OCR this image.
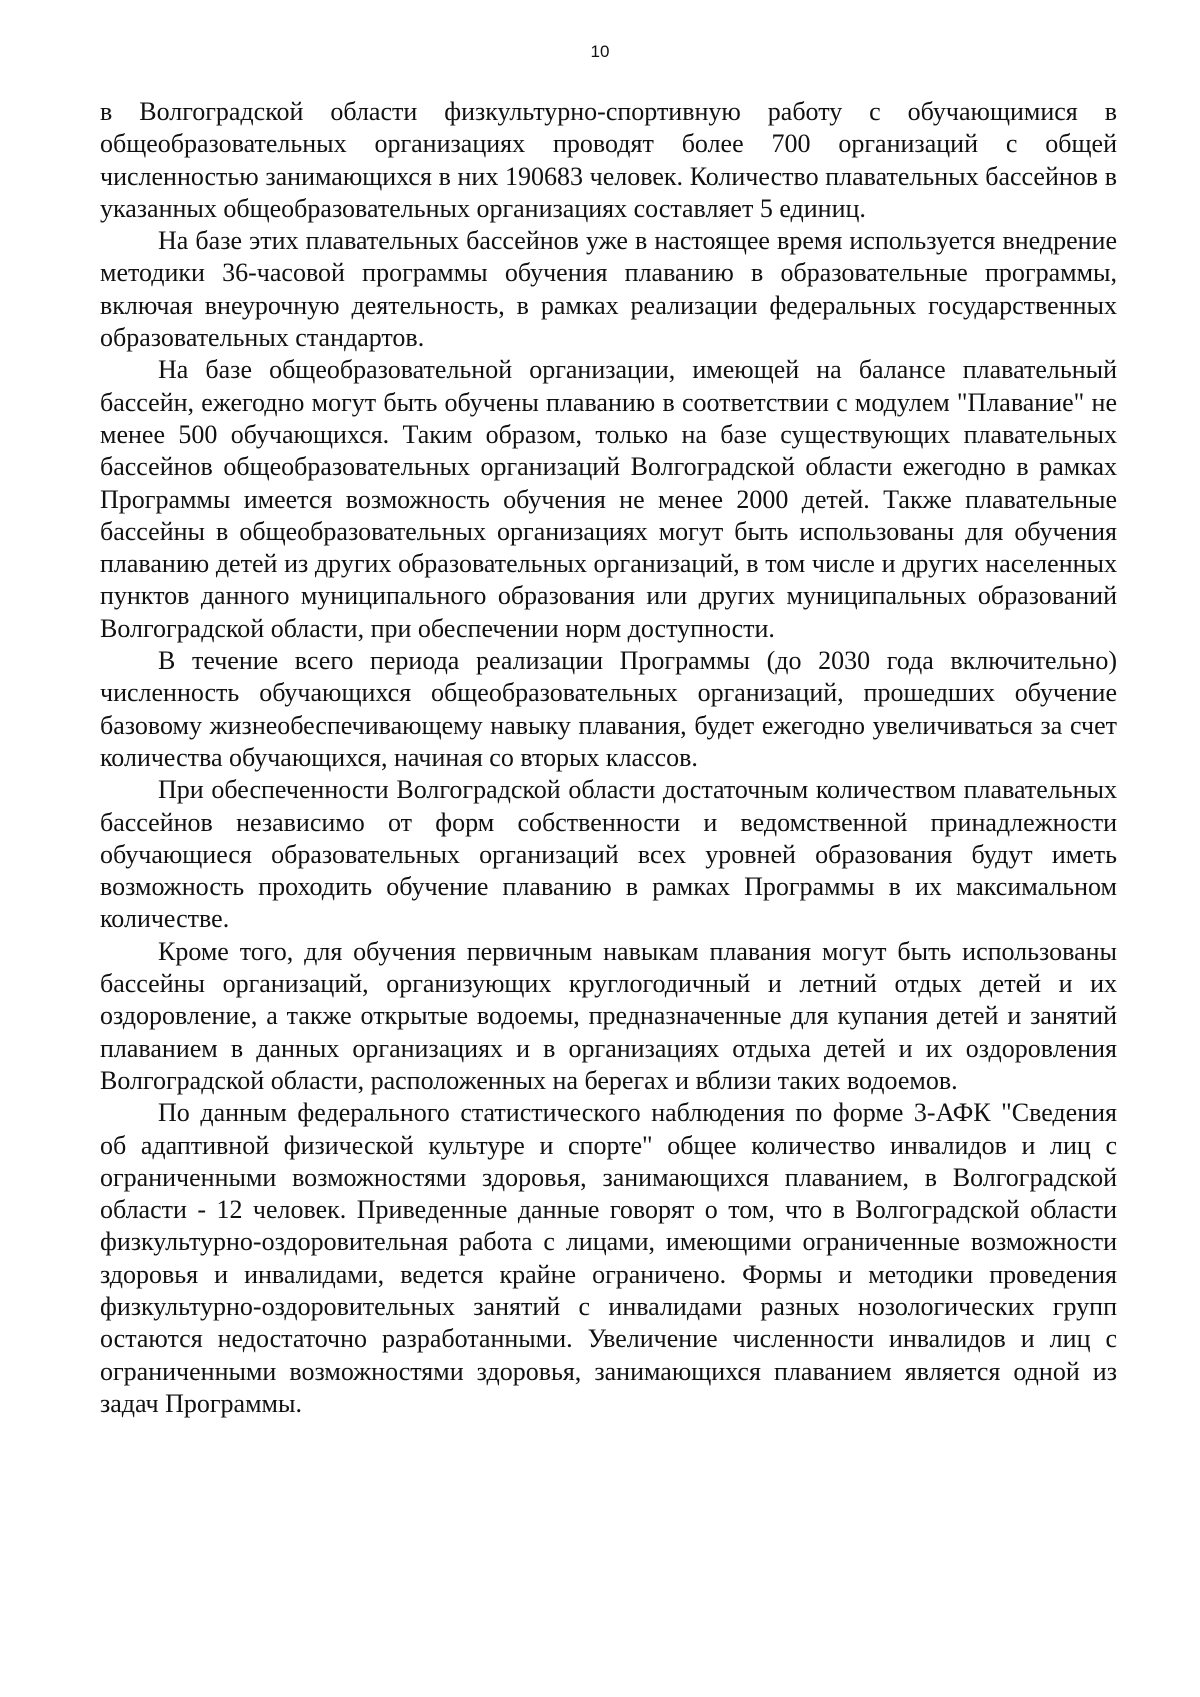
10

в Волгоградской области физкультурно-спортивную работу с обучающимися в общеобразовательных организациях проводят более 700 организаций с общей численностью занимающихся в них 190683 человек. Количество плавательных бассейнов в указанных общеобразовательных организациях составляет 5 единиц.

На базе этих плавательных бассейнов уже в настоящее время используется внедрение методики 36-часовой программы обучения плаванию в образовательные программы, включая внеурочную деятельность, в рамках реализации федеральных государственных образовательных стандартов.

На базе общеобразовательной организации, имеющей на балансе плавательный бассейн, ежегодно могут быть обучены плаванию в соответствии с модулем "Плавание" не менее 500 обучающихся. Таким образом, только на базе существующих плавательных бассейнов общеобразовательных организаций Волгоградской области ежегодно в рамках Программы имеется возможность обучения не менее 2000 детей. Также плавательные бассейны в общеобразовательных организациях могут быть использованы для обучения плаванию детей из других образовательных организаций, в том числе и других населенных пунктов данного муниципального образования или других муниципальных образований Волгоградской области, при обеспечении норм доступности.

В течение всего периода реализации Программы (до 2030 года включительно) численность обучающихся общеобразовательных организаций, прошедших обучение базовому жизнеобеспечивающему навыку плавания, будет ежегодно увеличиваться за счет количества обучающихся, начиная со вторых классов.

При обеспеченности Волгоградской области достаточным количеством плавательных бассейнов независимо от форм собственности и ведомственной принадлежности обучающиеся образовательных организаций всех уровней образования будут иметь возможность проходить обучение плаванию в рамках Программы в их максимальном количестве.

Кроме того, для обучения первичным навыкам плавания могут быть использованы бассейны организаций, организующих круглогодичный и летний отдых детей и их оздоровление, а также открытые водоемы, предназначенные для купания детей и занятий плаванием в данных организациях и в организациях отдыха детей и их оздоровления Волгоградской области, расположенных на берегах и вблизи таких водоемов.

По данным федерального статистического наблюдения по форме 3-АФК "Сведения об адаптивной физической культуре и спорте" общее количество инвалидов и лиц с ограниченными возможностями здоровья, занимающихся плаванием, в Волгоградской области - 12 человек. Приведенные данные говорят о том, что в Волгоградской области физкультурно-оздоровительная работа с лицами, имеющими ограниченные возможности здоровья и инвалидами, ведется крайне ограничено. Формы и методики проведения физкультурно-оздоровительных занятий с инвалидами разных нозологических групп остаются недостаточно разработанными. Увеличение численности инвалидов и лиц с ограниченными возможностями здоровья, занимающихся плаванием является одной из задач Программы.
